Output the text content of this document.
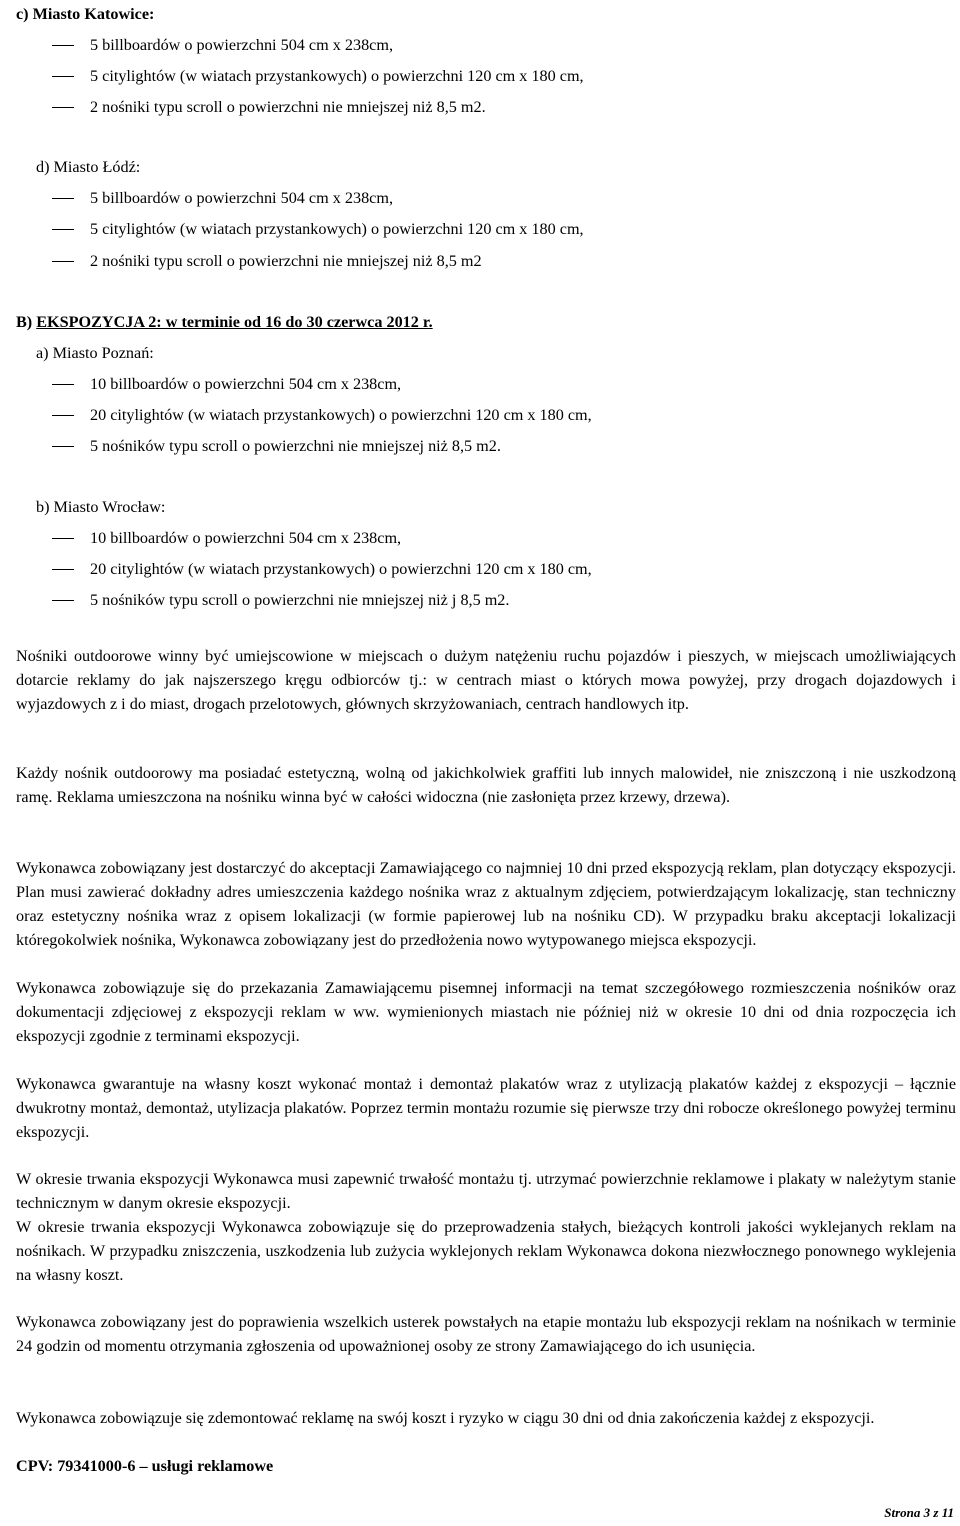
c) Miasto Katowice:
5 billboardów o powierzchni 504 cm x 238cm,
5 citylightów (w wiatach przystankowych) o powierzchni 120 cm x 180 cm,
2 nośniki typu scroll o powierzchni nie mniejszej niż 8,5 m2.
d) Miasto Łódź:
5 billboardów o powierzchni 504 cm x 238cm,
5 citylightów (w wiatach przystankowych) o powierzchni 120 cm x 180 cm,
2 nośniki typu scroll o powierzchni nie mniejszej niż 8,5 m2
B) EKSPOZYCJA 2: w terminie od 16 do 30 czerwca 2012 r.
a) Miasto Poznań:
10 billboardów o powierzchni 504 cm x 238cm,
20 citylightów (w wiatach przystankowych) o powierzchni 120 cm x 180 cm,
5 nośników typu scroll o powierzchni nie mniejszej niż 8,5 m2.
b) Miasto Wrocław:
10 billboardów o powierzchni 504 cm x 238cm,
20 citylightów (w wiatach przystankowych) o powierzchni 120 cm x 180 cm,
5 nośników typu scroll o powierzchni nie mniejszej niż j 8,5 m2.
Nośniki outdoorowe winny być umiejscowione w miejscach o dużym natężeniu ruchu pojazdów i pieszych, w miejscach umożliwiających dotarcie reklamy do jak najszerszego kręgu odbiorców tj.: w centrach miast o których mowa powyżej, przy drogach dojazdowych i wyjazdowych z i do miast, drogach przelotowych, głównych skrzyżowaniach, centrach handlowych itp.
Każdy nośnik outdoorowy ma posiadać estetyczną, wolną od jakichkolwiek graffiti lub innych malowideł, nie zniszczoną i nie uszkodzoną ramę. Reklama umieszczona na nośniku winna być w całości widoczna (nie zasłonięta przez krzewy, drzewa).
Wykonawca zobowiązany jest dostarczyć do akceptacji Zamawiającego co najmniej 10 dni przed ekspozycją reklam, plan dotyczący ekspozycji. Plan musi zawierać dokładny adres umieszczenia każdego nośnika wraz z aktualnym zdjęciem, potwierdzającym lokalizację, stan techniczny oraz estetyczny nośnika wraz z opisem lokalizacji (w formie papierowej lub na nośniku CD). W przypadku braku akceptacji lokalizacji któregokolwiek nośnika, Wykonawca zobowiązany jest do przedłożenia nowo wytypowanego miejsca ekspozycji.
Wykonawca zobowiązuje się do przekazania Zamawiającemu pisemnej informacji na temat szczegółowego rozmieszczenia nośników oraz dokumentacji zdjęciowej z ekspozycji reklam w ww. wymienionych miastach nie później niż w okresie 10 dni od dnia rozpoczęcia ich ekspozycji zgodnie z terminami ekspozycji.
Wykonawca gwarantuje na własny koszt wykonać montaż i demontaż plakatów wraz z utylizacją plakatów każdej z ekspozycji – łącznie dwukrotny montaż, demontaż, utylizacja plakatów. Poprzez termin montażu rozumie się pierwsze trzy dni robocze określonego powyżej terminu ekspozycji.
W okresie trwania ekspozycji Wykonawca musi zapewnić trwałość montażu tj. utrzymać powierzchnie reklamowe i plakaty w należytym stanie technicznym w danym okresie ekspozycji.
W okresie trwania ekspozycji Wykonawca zobowiązuje się do przeprowadzenia stałych, bieżących kontroli jakości wyklejanych reklam na nośnikach. W przypadku zniszczenia, uszkodzenia lub zużycia wyklejonych reklam Wykonawca dokona niezwłocznego ponownego wyklejenia na własny koszt.
Wykonawca zobowiązany jest do poprawienia wszelkich usterek powstałych na etapie montażu lub ekspozycji reklam na nośnikach w terminie 24 godzin od momentu otrzymania zgłoszenia od upoważnionej osoby ze strony Zamawiającego do ich usunięcia.
Wykonawca zobowiązuje się zdemontować reklamę na swój koszt i ryzyko w ciągu 30 dni od dnia zakończenia każdej z ekspozycji.
CPV: 79341000-6 – usługi reklamowe
Strona 3 z 11
